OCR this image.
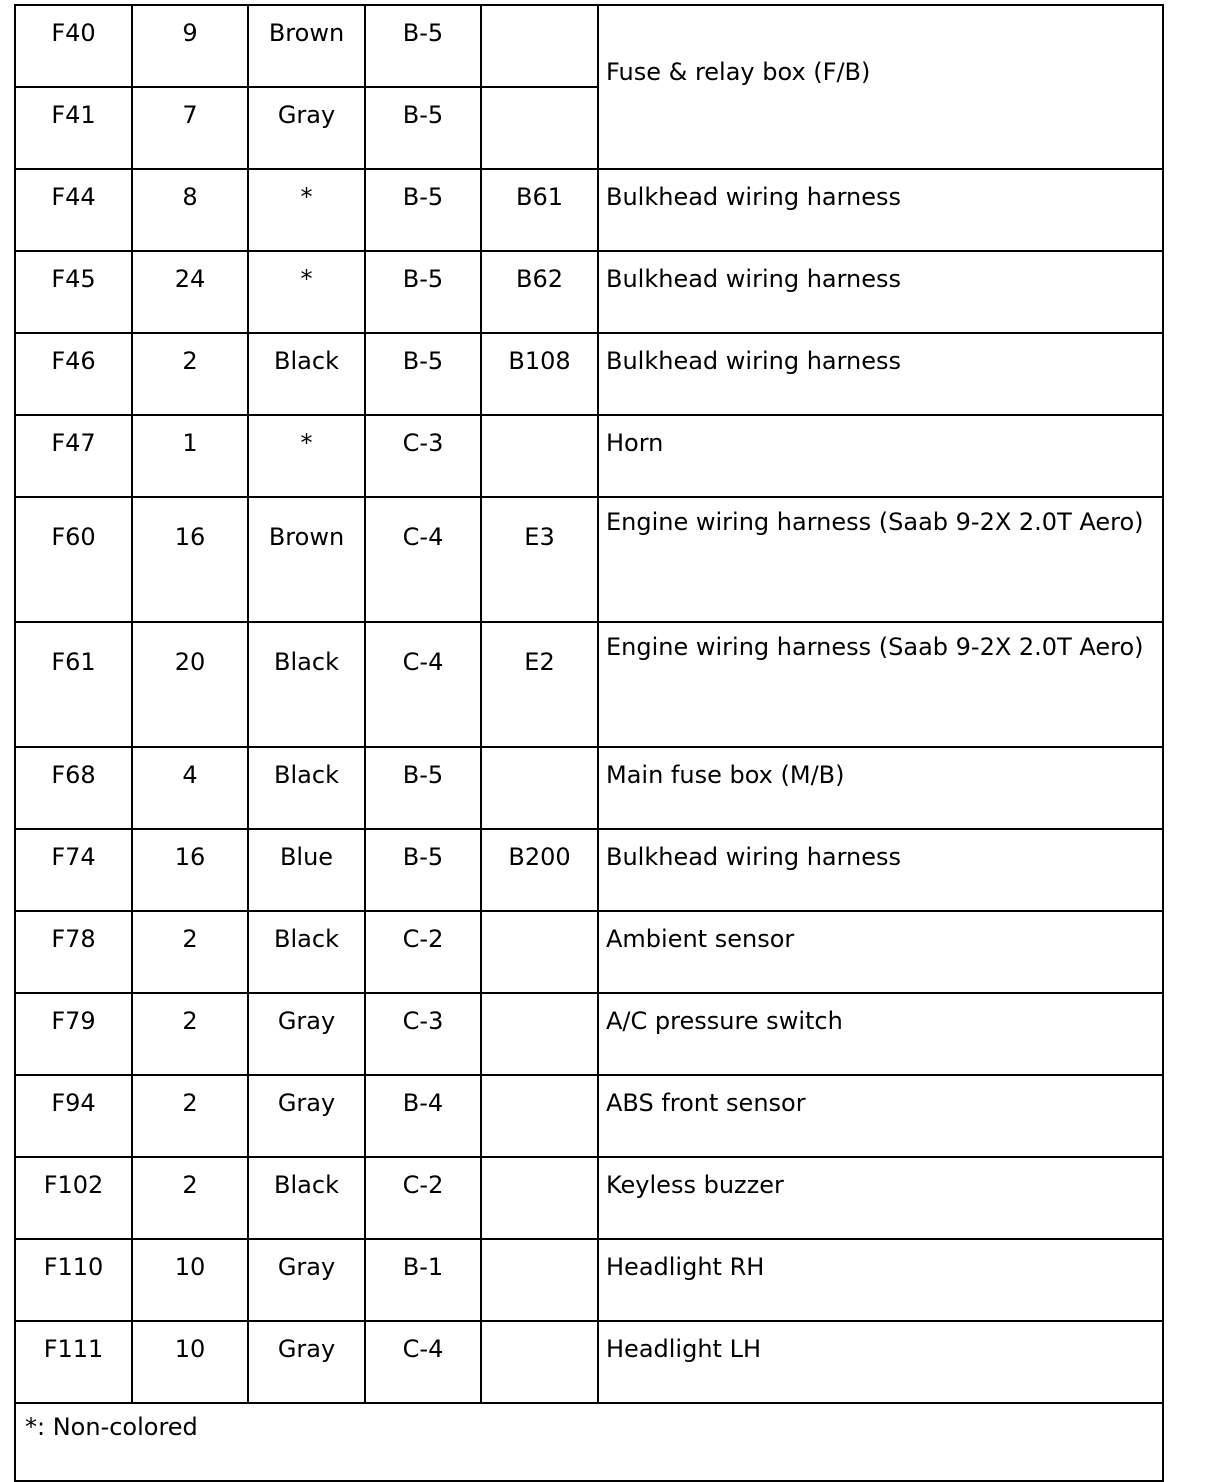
F40	9	Brown	B-5		Fuse & relay box (F/B)
F41	7	Gray	B-5		
F44	8	*	B-5	B61	Bulkhead wiring harness
F45	24	*	B-5	B62	Bulkhead wiring harness
F46	2	Black	B-5	B108	Bulkhead wiring harness
F47	1	*	C-3		Horn
F60	16	Brown	C-4	E3	Engine wiring harness (Saab 9-2X 2.0T Aero)
F61	20	Black	C-4	E2	Engine wiring harness (Saab 9-2X 2.0T Aero)
F68	4	Black	B-5		Main fuse box (M/B)
F74	16	Blue	B-5	B200	Bulkhead wiring harness
F78	2	Black	C-2		Ambient sensor
F79	2	Gray	C-3		A/C pressure switch
F94	2	Gray	B-4		ABS front sensor
F102	2	Black	C-2		Keyless buzzer
F110	10	Gray	B-1		Headlight RH
F111	10	Gray	C-4		Headlight LH
*: Non-colored					
